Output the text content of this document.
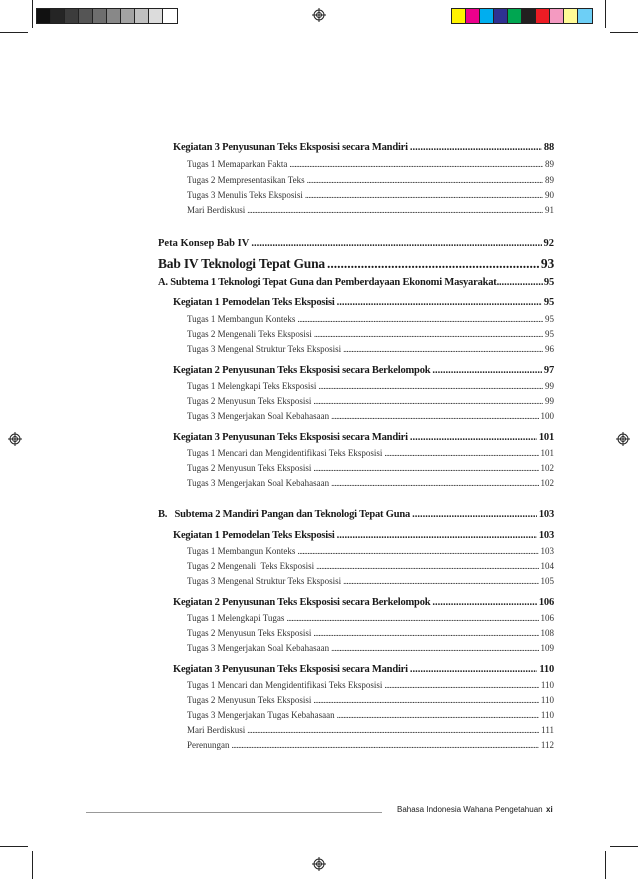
Kegiatan 3 Penyusunan Teks Eksposisi secara Mandiri .....	88
Tugas 1 Memaparkan Fakta .....	89
Tugas 2 Mempresentasikan Teks .....	89
Tugas 3 Menulis Teks Eksposisi .....	90
Mari Berdiskusi .....	91
Peta Konsep Bab IV .....	92
Bab IV Teknologi Tepat Guna .....	93
A. Subtema 1 Teknologi Tepat Guna dan Pemberdayaan Ekonomi Masyarakat.. .....	95
Kegiatan 1 Pemodelan Teks Eksposisi .....	95
Tugas 1 Membangun Konteks .....	95
Tugas 2 Mengenali Teks Eksposisi .....	95
Tugas 3 Mengenal Struktur Teks Eksposisi .....	96
Kegiatan 2 Penyusunan Teks Eksposisi secara Berkelompok .....	97
Tugas 1 Melengkapi Teks Eksposisi .....	99
Tugas 2 Menyusun Teks Eksposisi .....	99
Tugas 3 Mengerjakan Soal Kebahasaan .....	100
Kegiatan 3 Penyusunan Teks Eksposisi secara Mandiri .....	101
Tugas 1 Mencari dan Mengidentifikasi Teks Eksposisi .....	101
Tugas 2 Menyusun Teks Eksposisi .....	102
Tugas 3 Mengerjakan Soal Kebahasaan .....	102
B.   Subtema 2 Mandiri Pangan dan Teknologi Tepat Guna .....	103
Kegiatan 1 Pemodelan Teks Eksposisi .....	103
Tugas 1 Membangun Konteks .....	103
Tugas 2 Mengenali  Teks Eksposisi .....	104
Tugas 3 Mengenal Struktur Teks Eksposisi .....	105
Kegiatan 2 Penyusunan Teks Eksposisi secara Berkelompok .....	106
Tugas 1 Melengkapi Tugas .....	106
Tugas 2 Menyusun Teks Eksposisi .....	108
Tugas 3 Mengerjakan Soal Kebahasaan .....	109
Kegiatan 3 Penyusunan Teks Eksposisi secara Mandiri .....	110
Tugas 1 Mencari dan Mengidentifikasi Teks Eksposisi .....	110
Tugas 2 Menyusun Teks Eksposisi .....	110
Tugas 3 Mengerjakan Tugas Kebahasaan .....	110
Mari Berdiskusi .....	111
Perenungan .....	112
Bahasa Indonesia Wahana Pengetahuan xi
